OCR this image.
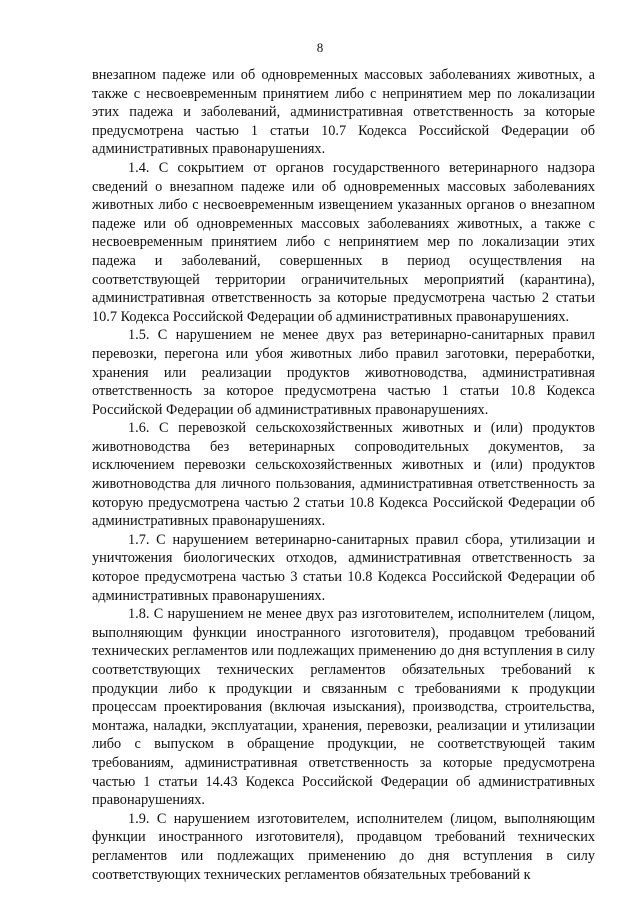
8

внезапном падеже или об одновременных массовых заболеваниях животных, а также с несвоевременным принятием либо с непринятием мер по локализации этих падежа и заболеваний, административная ответственность за которые предусмотрена частью 1 статьи 10.7 Кодекса Российской Федерации об административных правонарушениях.

1.4. С сокрытием от органов государственного ветеринарного надзора сведений о внезапном падеже или об одновременных массовых заболеваниях животных либо с несвоевременным извещением указанных органов о внезапном падеже или об одновременных массовых заболеваниях животных, а также с несвоевременным принятием либо с непринятием мер по локализации этих падежа и заболеваний, совершенных в период осуществления на соответствующей территории ограничительных мероприятий (карантина), административная ответственность за которые предусмотрена частью 2 статьи 10.7 Кодекса Российской Федерации об административных правонарушениях.

1.5. С нарушением не менее двух раз ветеринарно-санитарных правил перевозки, перегона или убоя животных либо правил заготовки, переработки, хранения или реализации продуктов животноводства, административная ответственность за которое предусмотрена частью 1 статьи 10.8 Кодекса Российской Федерации об административных правонарушениях.

1.6. С перевозкой сельскохозяйственных животных и (или) продуктов животноводства без ветеринарных сопроводительных документов, за исключением перевозки сельскохозяйственных животных и (или) продуктов животноводства для личного пользования, административная ответственность за которую предусмотрена частью 2 статьи 10.8 Кодекса Российской Федерации об административных правонарушениях.

1.7. С нарушением ветеринарно-санитарных правил сбора, утилизации и уничтожения биологических отходов, административная ответственность за которое предусмотрена частью 3 статьи 10.8 Кодекса Российской Федерации об административных правонарушениях.

1.8. С нарушением не менее двух раз изготовителем, исполнителем (лицом, выполняющим функции иностранного изготовителя), продавцом требований технических регламентов или подлежащих применению до дня вступления в силу соответствующих технических регламентов обязательных требований к продукции либо к продукции и связанным с требованиями к продукции процессам проектирования (включая изыскания), производства, строительства, монтажа, наладки, эксплуатации, хранения, перевозки, реализации и утилизации либо с выпуском в обращение продукции, не соответствующей таким требованиям, административная ответственность за которые предусмотрена частью 1 статьи 14.43 Кодекса Российской Федерации об административных правонарушениях.

1.9. С нарушением изготовителем, исполнителем (лицом, выполняющим функции иностранного изготовителя), продавцом требований технических регламентов или подлежащих применению до дня вступления в силу соответствующих технических регламентов обязательных требований к
